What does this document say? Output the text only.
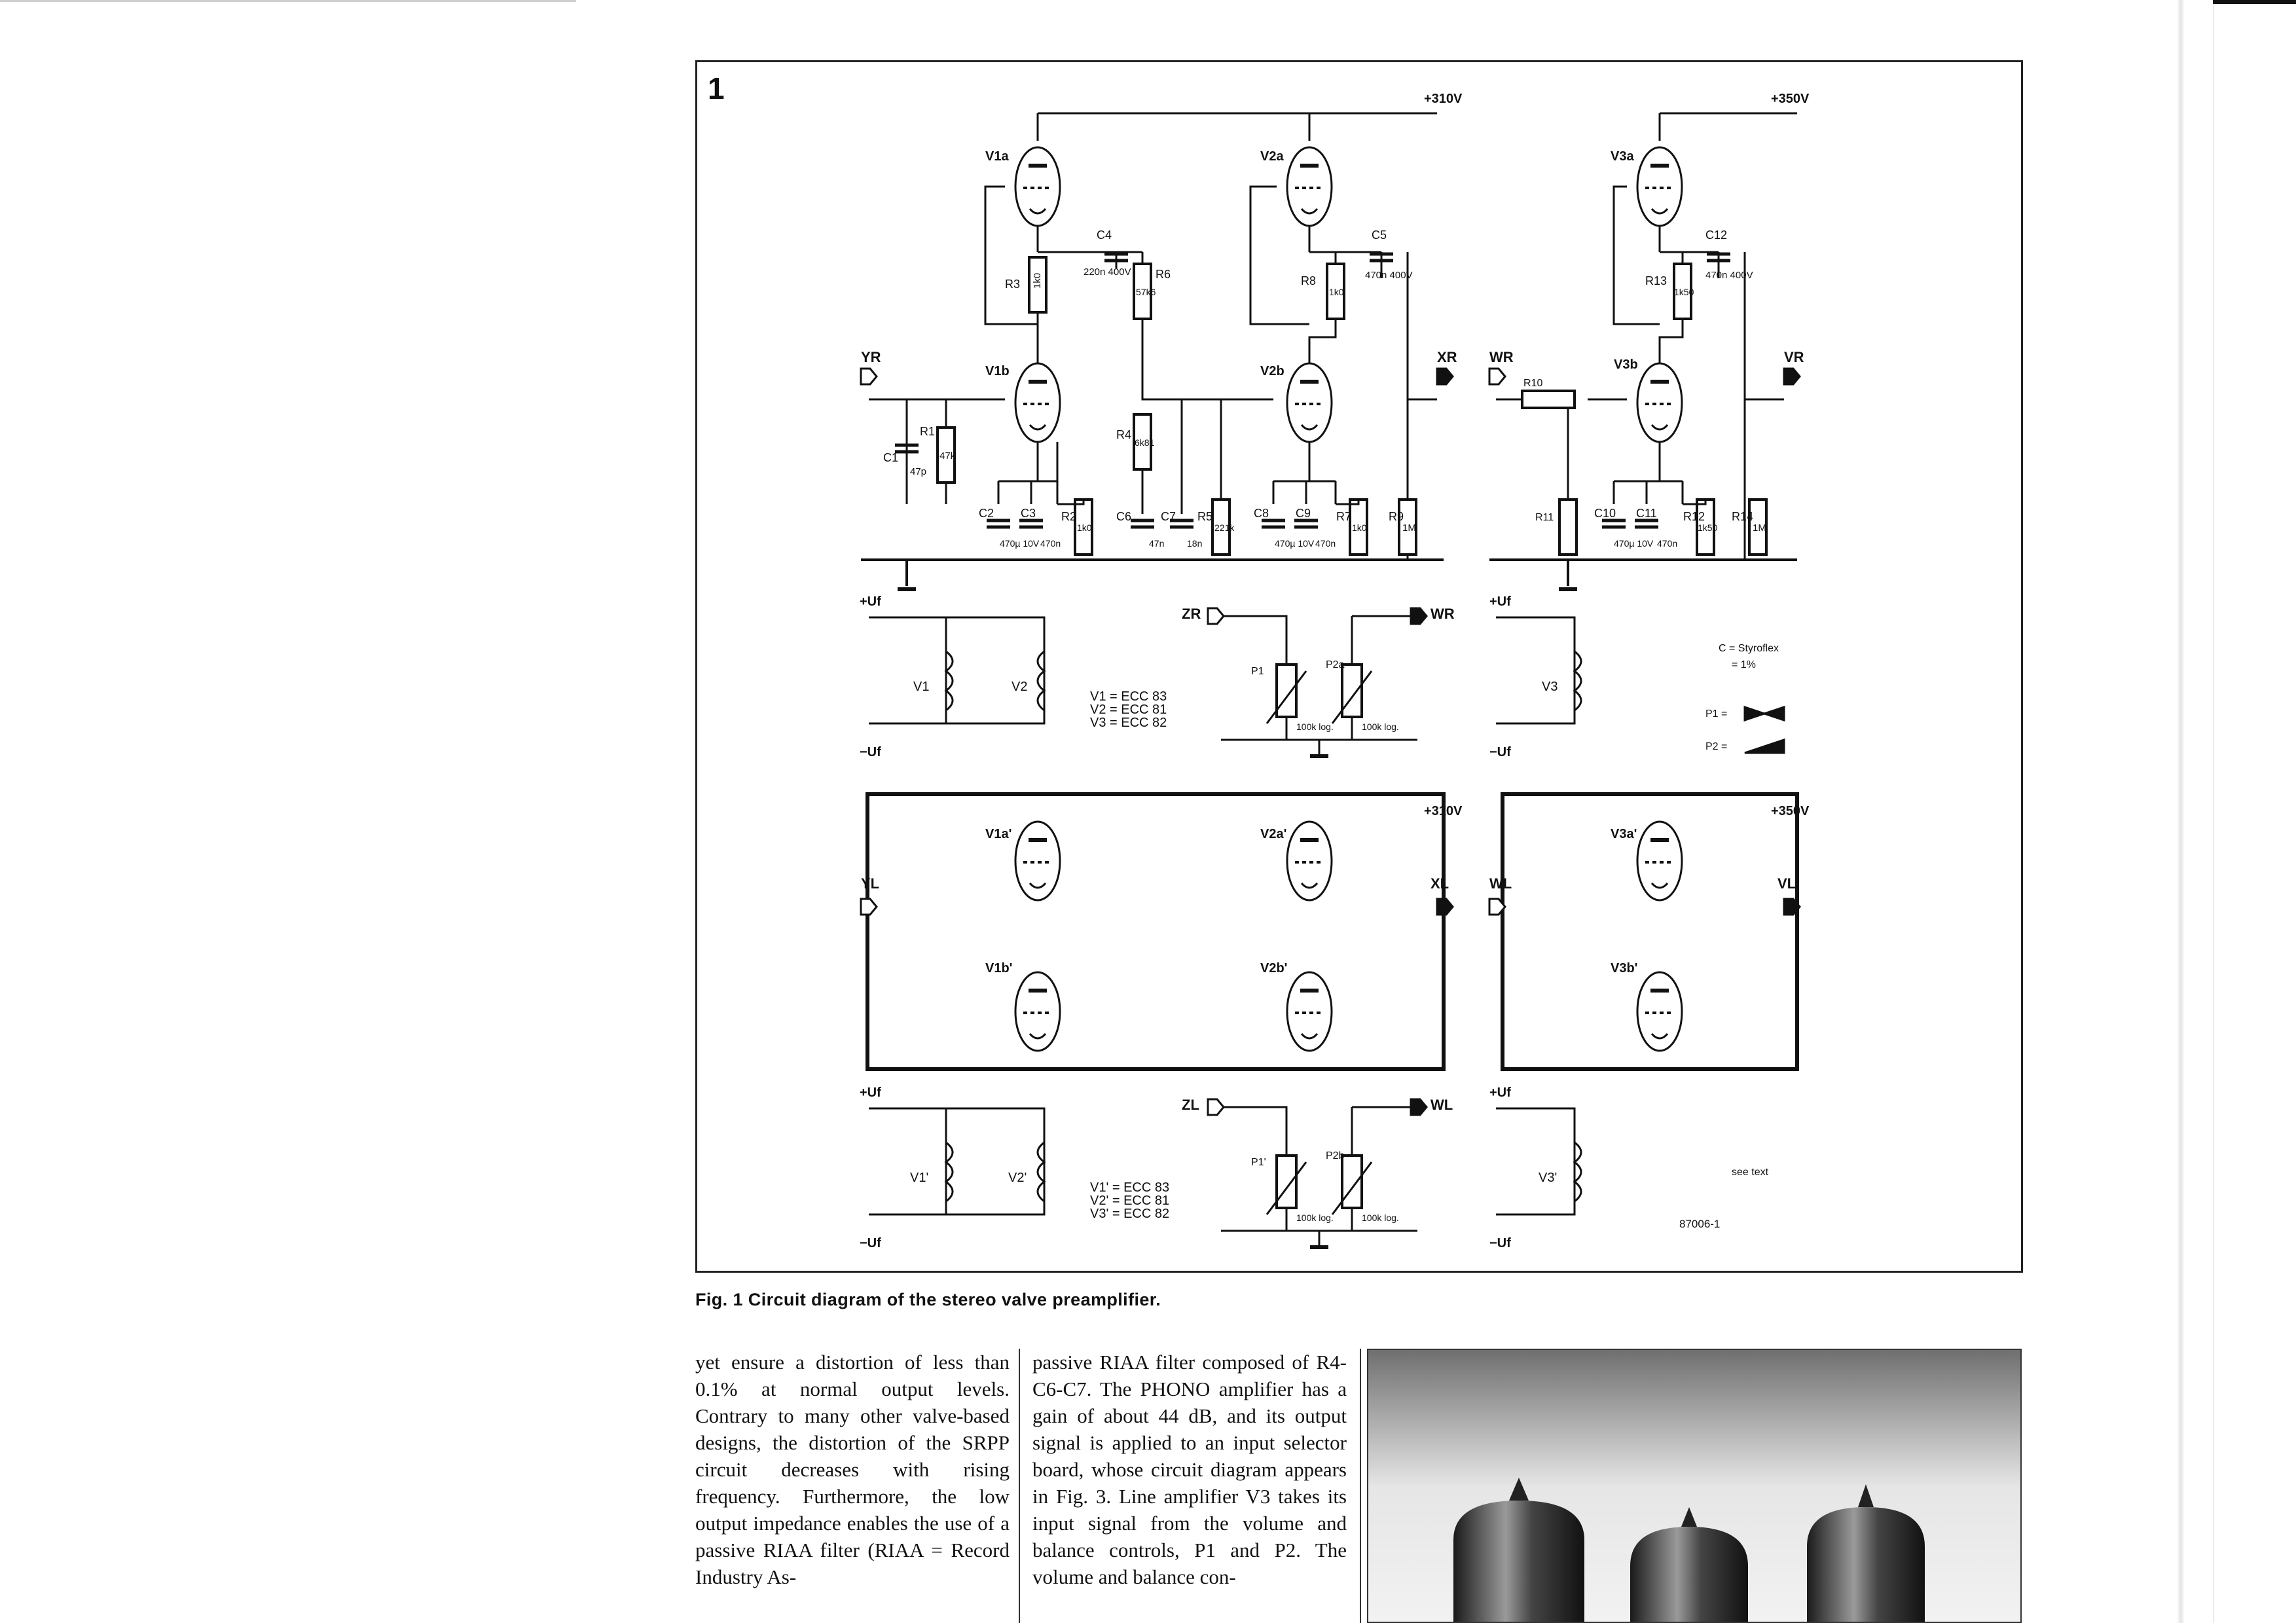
1	+310V
V1a
R3 1k0
V1b
YR
C1
47p
R1
47k
C2
470µ 10V
C3
470n
R2
1k0
C4
220n 400V R6
57k6
R4
6k81
C6
47n
C7
18n
R5
221k
V2a
R8
1k0
C5
470n 400V
V2b
C8
470µ 10V
C9
470n
R7
1k0
R9
1M
XR
+350V
V3a
R13
1k50
C12
470n 400V
V3b
WR
R10
R11	C10
470µ 10V
C11
470n
R12
1k50
R14
1M
VR
+Uf
−Uf
V1	V2
V1 = ECC 83
V2 = ECC 81
V3 = ECC 82
ZR
P1
P2a
100k log.	100k log.
WR
+Uf
−Uf
V3
C = Styroflex
= 1%
P1 =
P2 =
+310V
V1a'
V1b'
V2a'
V2b'
YL	XL
+350V
V3a'
V3b'
WL	VL
+Uf
−Uf
V1'	V2'
V1' = ECC 83
V2' = ECC 81
V3' = ECC 82
ZL
P1'
P2b
100k log.	100k log.
WL
+Uf
−Uf
V3'	see text
87006-1
Fig. 1 Circuit diagram of the stereo valve preamplifier.

yet ensure a distortion of less than 0.1% at normal output levels. Contrary to many other valve-based designs, the distortion of the SRPP circuit decreases with rising frequency. Furthermore, the low output impedance enables the use of a passive RIAA filter (RIAA = Record Industry As-

passive RIAA filter composed of R4-C6-C7. The PHONO amplifier has a gain of about 44 dB, and its output signal is applied to an input selector board, whose circuit diagram appears in Fig. 3. Line amplifier V3 takes its input signal from the volume and balance controls, P1 and P2. The volume and balance con-
